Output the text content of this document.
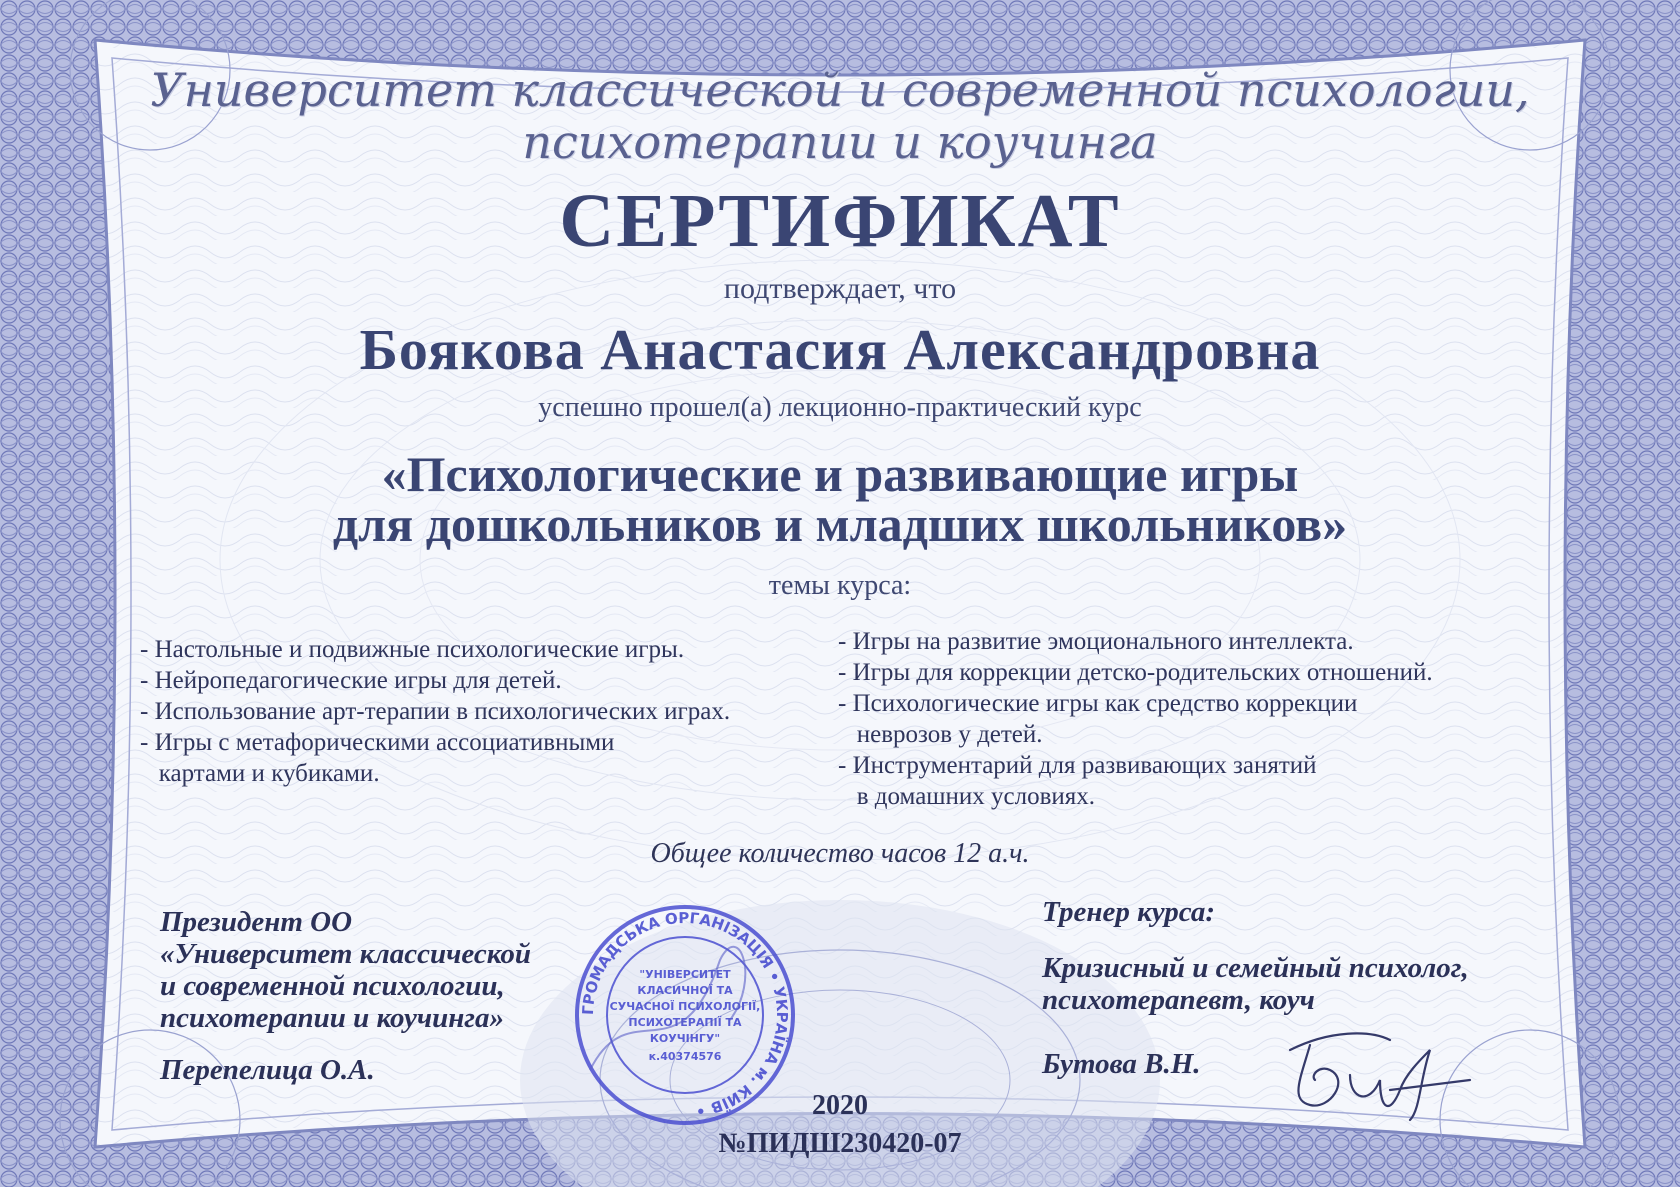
Университет классической и современной психологии,
психотерапии и коучинга
СЕРТИФИКАТ
подтверждает, что
Боякова Анастасия Александровна
успешно прошел(а) лекционно-практический курс
«Психологические и развивающие игры
для дошкольников и младших школьников»
темы курса:
- Настольные и подвижные психологические игры.
- Нейропедагогические игры для детей.
- Использование арт-терапии в психологических играх.
- Игры с метафорическими ассоциативными
картами и кубиками.
- Игры на развитие эмоционального интеллекта.
- Игры для коррекции детско-родительских отношений.
- Психологические игры как средство коррекции
неврозов у детей.
- Инструментарий для развивающих занятий
в домашних условиях.
Общее количество часов 12 а.ч.
Президент ОО
«Университет классической
и современной психологии,
психотерапии и коучинга»
Перепелица О.А.
ГРОМАДСЬКА ОРГАНІЗАЦІЯ • УКРАЇНА м. КИЇВ •
"УНІВЕРСИТЕТ
КЛАСИЧНОЇ ТА
СУЧАСНОЇ ПСИХОЛОГІЇ,
ПСИХОТЕРАПІЇ ТА
КОУЧІНГУ"
к.40374576
Тренер курса:
Кризисный и семейный психолог,
психотерапевт, коуч
Бутова В.Н.
2020
№ПИДШ230420-07
